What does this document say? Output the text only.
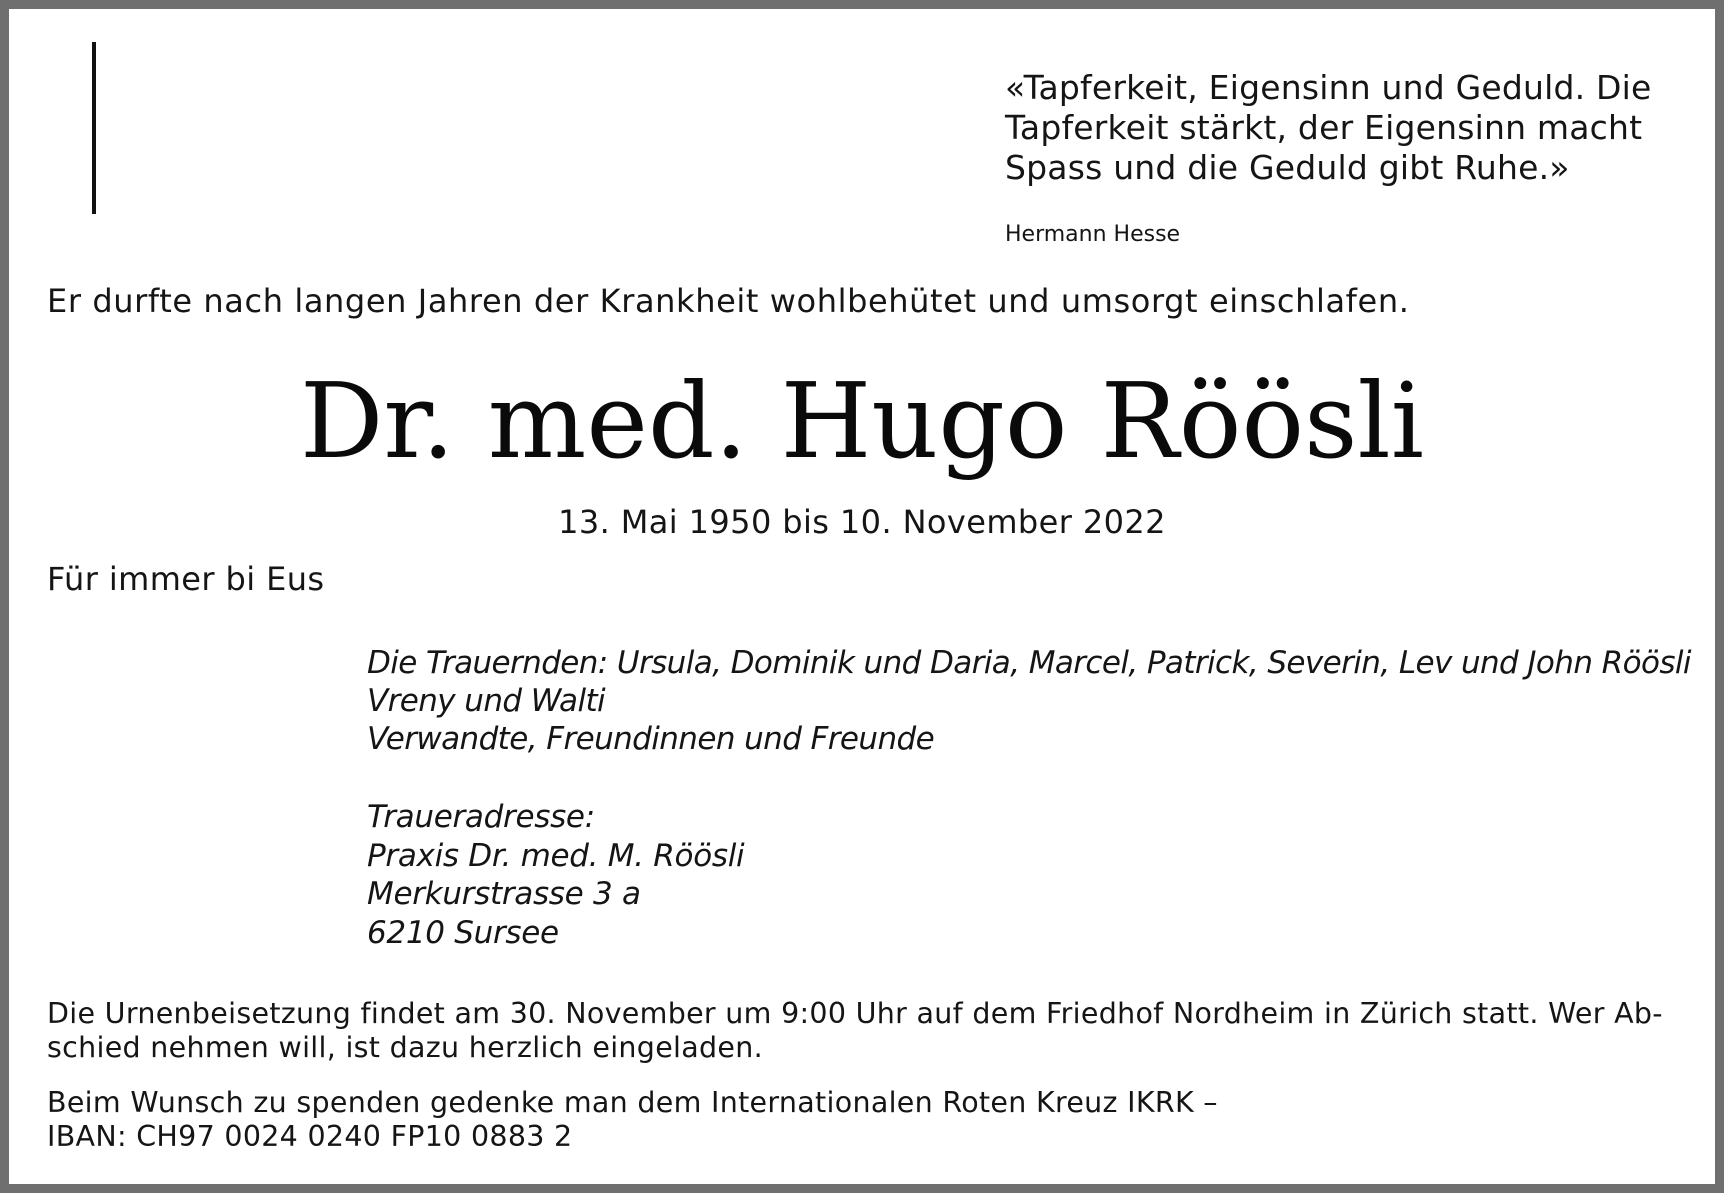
«Tapferkeit, Eigensinn und Geduld. Die
Tapferkeit stärkt, der Eigensinn macht
Spass und die Geduld gibt Ruhe.»
Hermann Hesse
Er durfte nach langen Jahren der Krankheit wohlbehütet und umsorgt einschlafen.
Dr. med. Hugo Röösli
13. Mai 1950 bis 10. November 2022
Für immer bi Eus
Die Trauernden: Ursula, Dominik und Daria, Marcel, Patrick, Severin, Lev und John Röösli
Vreny und Walti
Verwandte, Freundinnen und Freunde
Traueradresse:
Praxis Dr. med. M. Röösli
Merkurstrasse 3 a
6210 Sursee
Die Urnenbeisetzung findet am 30. November um 9:00 Uhr auf dem Friedhof Nordheim in Zürich statt. Wer Ab-
schied nehmen will, ist dazu herzlich eingeladen.
Beim Wunsch zu spenden gedenke man dem Internationalen Roten Kreuz IKRK –
IBAN: CH97 0024 0240 FP10 0883 2
